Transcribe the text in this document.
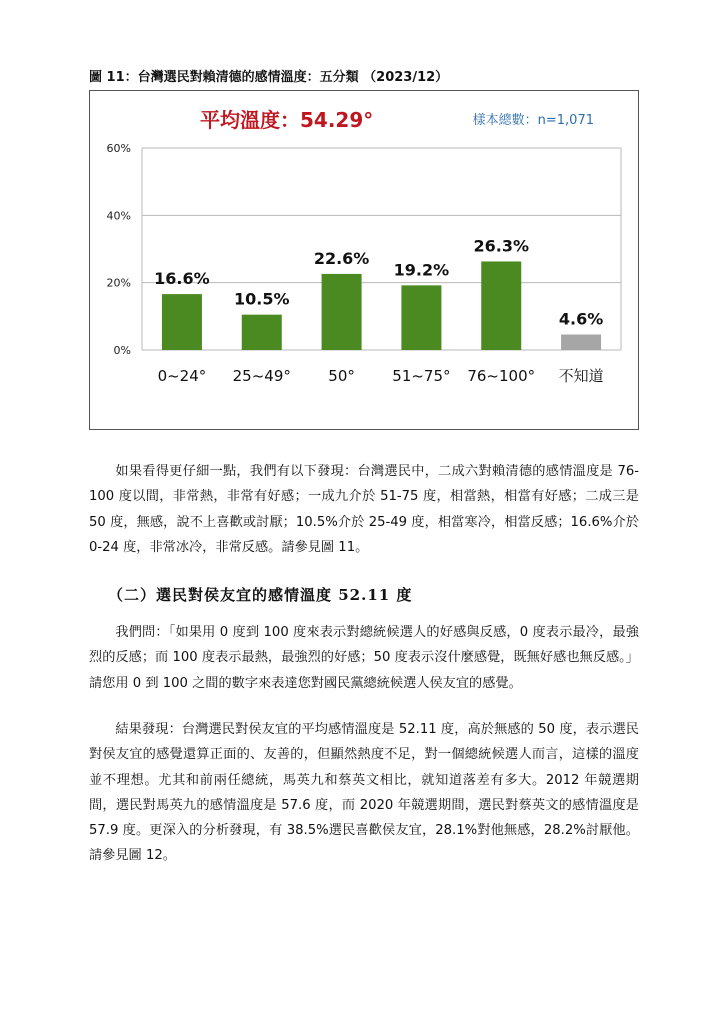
圖 11：台灣選民對賴清德的感情溫度：五分類 （2023/12）
平均溫度：54.29°	樣本總數：n=1,071
0%
20%
40%
60%
16.6%
10.5%
22.6%
19.2%
26.3%
4.6%
0~24° 25~49° 50° 51~75° 76~100° 不知道

如果看得更仔細一點，我們有以下發現：台灣選民中，二成六對賴清德的感情溫度是 76-100 度以間，非常熱，非常有好感；一成九介於 51-75 度，相當熱，相當有好感；二成三是 50 度，無感，說不上喜歡或討厭；10.5%介於 25-49 度，相當寒冷，相當反感；16.6%介於 0-24 度，非常冰冷，非常反感。請參見圖 11。

（二）選民對侯友宜的感情溫度 52.11 度

我們問：「如果用 0 度到 100 度來表示對總統候選人的好感與反感，0 度表示最冷，最強烈的反感；而 100 度表示最熱，最強烈的好感；50 度表示沒什麼感覺，既無好感也無反感。」請您用 0 到 100 之間的數字來表達您對國民黨總統候選人侯友宜的感覺。

結果發現：台灣選民對侯友宜的平均感情溫度是 52.11 度，高於無感的 50 度，表示選民對侯友宜的感覺還算正面的、友善的，但顯然熱度不足，對一個總統候選人而言，這樣的溫度並不理想。尤其和前兩任總統，馬英九和蔡英文相比，就知道落差有多大。2012 年競選期間，選民對馬英九的感情溫度是 57.6 度，而 2020 年競選期間，選民對蔡英文的感情溫度是 57.9 度。更深入的分析發現，有 38.5%選民喜歡侯友宜，28.1%對他無感，28.2%討厭他。請參見圖 12。
